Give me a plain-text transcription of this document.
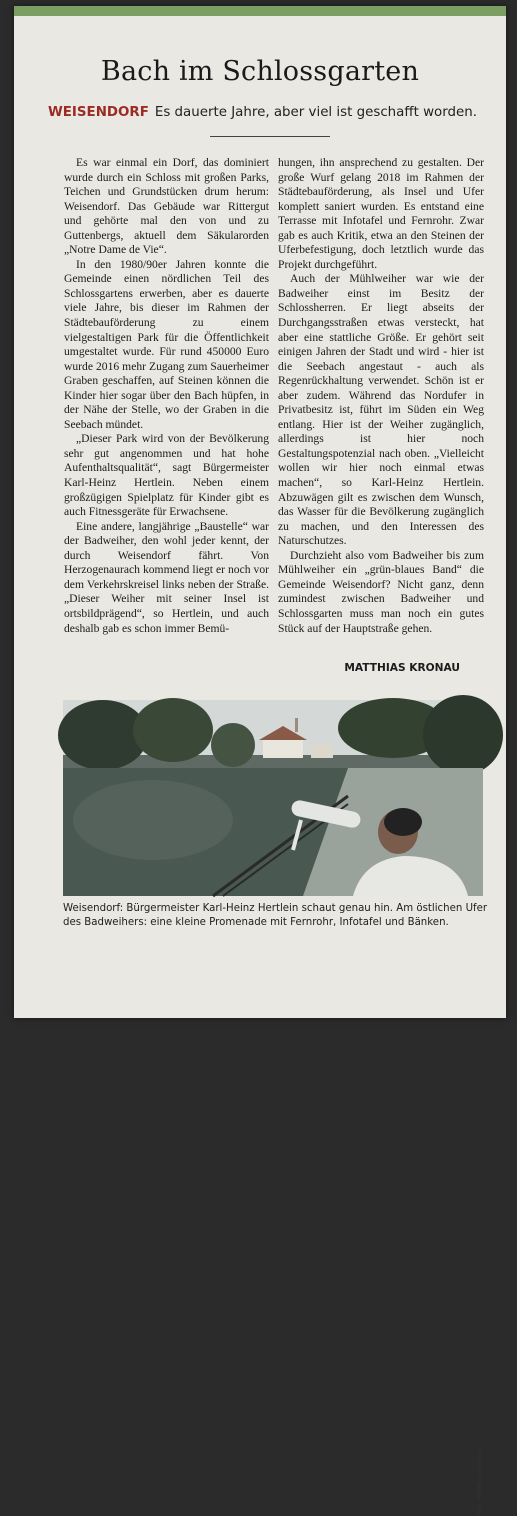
Bach im Schlossgarten
WEISENDORF Es dauerte Jahre, aber viel ist geschafft worden.

Es war einmal ein Dorf, das dominiert wurde durch ein Schloss mit großen Parks, Teichen und Grundstücken drum herum: Weisendorf. Das Gebäude war Rittergut und gehörte mal den von und zu Guttenbergs, aktuell dem Säkularorden „Notre Dame de Vie“.

In den 1980/90er Jahren konnte die Gemeinde einen nördlichen Teil des Schlossgartens erwerben, aber es dauerte viele Jahre, bis dieser im Rahmen der Städtebauförderung zu einem vielgestaltigen Park für die Öffentlichkeit umgestaltet wurde. Für rund 450000 Euro wurde 2016 mehr Zugang zum Sauerheimer Graben geschaffen, auf Steinen können die Kinder hier sogar über den Bach hüpfen, in der Nähe der Stelle, wo der Graben in die Seebach mündet.

„Dieser Park wird von der Bevölkerung sehr gut angenommen und hat hohe Aufenthaltsqualität“, sagt Bürgermeister Karl-Heinz Hertlein. Neben einem großzügigen Spielplatz für Kinder gibt es auch Fitnessgeräte für Erwachsene.

Eine andere, langjährige „Baustelle“ war der Badweiher, den wohl jeder kennt, der durch Weisendorf fährt. Von Herzogenaurach kommend liegt er noch vor dem Verkehrskreisel links neben der Straße. „Dieser Weiher mit seiner Insel ist ortsbildprägend“, so Hertlein, und auch deshalb gab es schon immer Bemü-

hungen, ihn ansprechend zu gestalten. Der große Wurf gelang 2018 im Rahmen der Städtebauförderung, als Insel und Ufer komplett saniert wurden. Es entstand eine Terrasse mit Infotafel und Fernrohr. Zwar gab es auch Kritik, etwa an den Steinen der Uferbefestigung, doch letztlich wurde das Projekt durchgeführt.

Auch der Mühlweiher war wie der Badweiher einst im Besitz der Schlossherren. Er liegt abseits der Durchgangsstraßen etwas versteckt, hat aber eine stattliche Größe. Er gehört seit einigen Jahren der Stadt und wird - hier ist die Seebach angestaut - auch als Regenrückhaltung verwendet. Schön ist er aber zudem. Während das Nordufer in Privatbesitz ist, führt im Süden ein Weg entlang. Hier ist der Weiher zugänglich, allerdings ist hier noch Gestaltungspotenzial nach oben. „Vielleicht wollen wir hier noch einmal etwas machen“, so Karl-Heinz Hertlein. Abzuwägen gilt es zwischen dem Wunsch, das Wasser für die Bevölkerung zugänglich zu machen, und den Interessen des Naturschutzes.

Durchzieht also vom Badweiher bis zum Mühlweiher ein „grün-blaues Band“ die Gemeinde Weisendorf? Nicht ganz, denn zumindest zwischen Badweiher und Schlossgarten muss man noch ein gutes Stück auf der Hauptstraße gehen.

MATTHIAS KRONAU
Foto: Matthias Kronau
Weisendorf: Bürgermeister Karl-Heinz Hertlein schaut genau hin. Am östlichen Ufer des Badweihers: eine kleine Promenade mit Fernrohr, Infotafel und Bänken.
